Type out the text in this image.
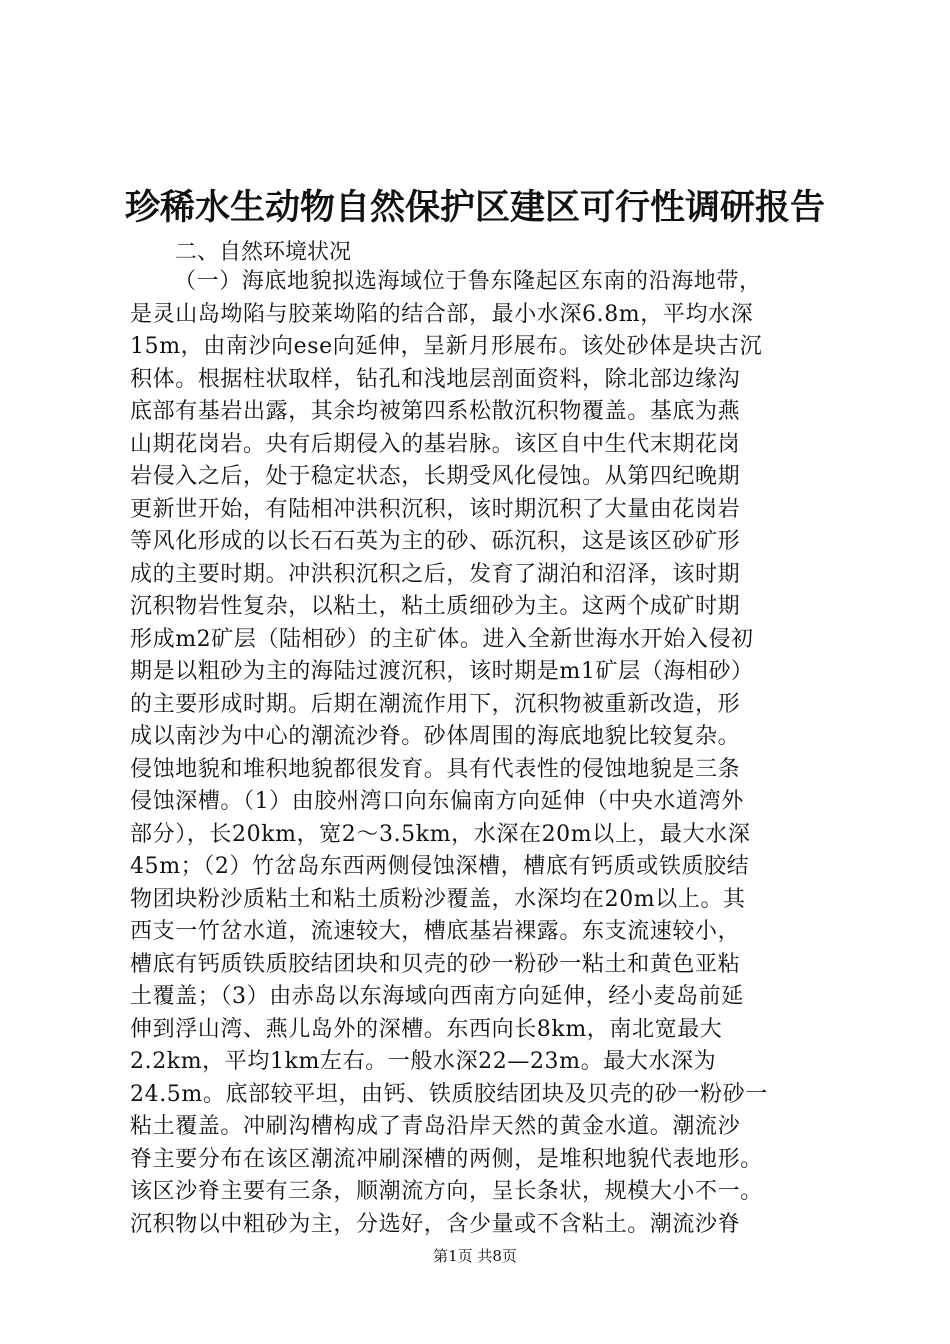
珍稀水生动物自然保护区建区可行性调研报告
二、自然环境状况
（一）海底地貌拟选海域位于鲁东隆起区东南的沿海地带，
是灵山岛坳陷与胶莱坳陷的结合部，最小水深6.8m，平均水深
15m，由南沙向ese向延伸，呈新月形展布。该处砂体是块古沉
积体。根据柱状取样，钻孔和浅地层剖面资料，除北部边缘沟
底部有基岩出露，其余均被第四系松散沉积物覆盖。基底为燕
山期花岗岩。央有后期侵入的基岩脉。该区自中生代末期花岗
岩侵入之后，处于稳定状态，长期受风化侵蚀。从第四纪晚期
更新世开始，有陆相冲洪积沉积，该时期沉积了大量由花岗岩
等风化形成的以长石石英为主的砂、砾沉积，这是该区砂矿形
成的主要时期。冲洪积沉积之后，发育了湖泊和沼泽，该时期
沉积物岩性复杂，以粘土，粘土质细砂为主。这两个成矿时期
形成m2矿层（陆相砂）的主矿体。进入全新世海水开始入侵初
期是以粗砂为主的海陆过渡沉积，该时期是m1矿层（海相砂）
的主要形成时期。后期在潮流作用下，沉积物被重新改造，形
成以南沙为中心的潮流沙脊。砂体周围的海底地貌比较复杂。
侵蚀地貌和堆积地貌都很发育。具有代表性的侵蚀地貌是三条
侵蚀深槽。（1）由胶州湾口向东偏南方向延伸（中央水道湾外
部分），长20km，宽2～3.5km，水深在20m以上，最大水深
45m；（2）竹岔岛东西两侧侵蚀深槽，槽底有钙质或铁质胶结
物团块粉沙质粘土和粘土质粉沙覆盖，水深均在20m以上。其
西支一竹岔水道，流速较大，槽底基岩裸露。东支流速较小，
槽底有钙质铁质胶结团块和贝壳的砂一粉砂一粘土和黄色亚粘
土覆盖；（3）由赤岛以东海域向西南方向延伸，经小麦岛前延
伸到浮山湾、燕儿岛外的深槽。东西向长8km，南北宽最大
2.2km，平均1km左右。一般水深22—23m。最大水深为
24.5m。底部较平坦，由钙、铁质胶结团块及贝壳的砂一粉砂一
粘土覆盖。冲刷沟槽构成了青岛沿岸天然的黄金水道。潮流沙
脊主要分布在该区潮流冲刷深槽的两侧，是堆积地貌代表地形。
该区沙脊主要有三条，顺潮流方向，呈长条状，规模大小不一。
沉积物以中粗砂为主，分选好，含少量或不含粘土。潮流沙脊
第1页 共8页
